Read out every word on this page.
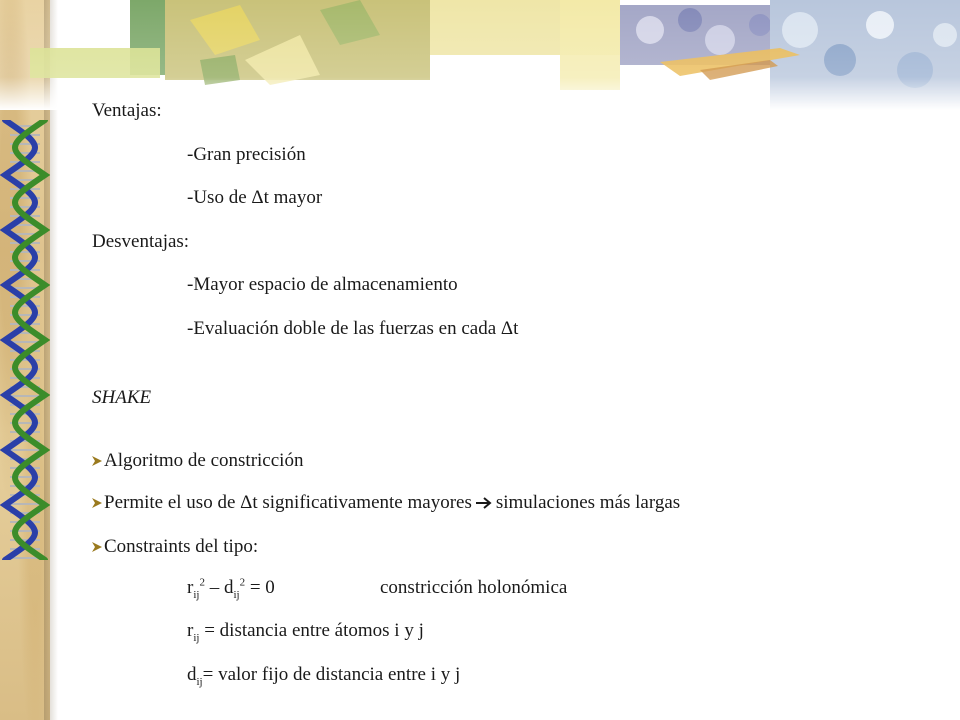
Ventajas:
-Gran precisión
-Uso de Δt mayor
Desventajas:
-Mayor espacio de almacenamiento
-Evaluación doble de las fuerzas en cada Δt
SHAKE
Algoritmo de constricción
Permite el uso de Δt significativamente mayores simulaciones más largas
Constraints del tipo:
$r_{ij}^2 - d_{ij}^2 = 0$	constricción holonómica
$r_{ij}$ = distancia entre átomos i y j
$d_{ij}=$ valor fijo de distancia entre i y j
